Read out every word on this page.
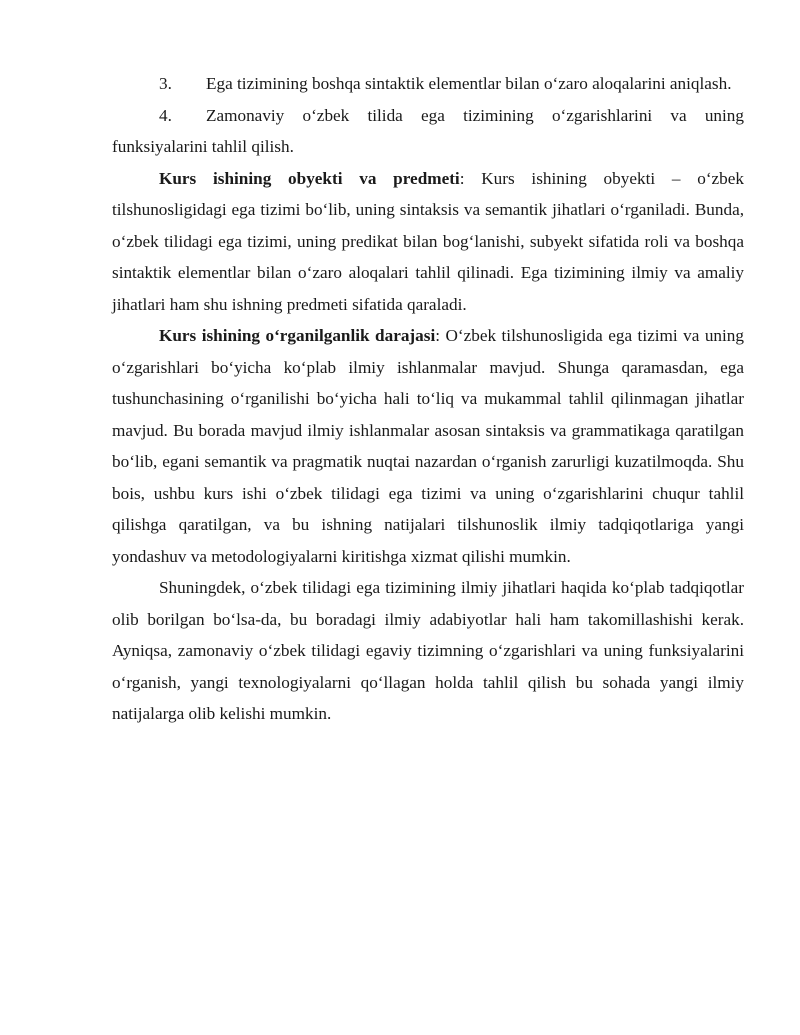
3. Ega tizimining boshqa sintaktik elementlar bilan o‘zaro aloqalarini aniqlash.

4. Zamonaviy o‘zbek tilida ega tizimining o‘zgarishlarini va uning funksiyalarini tahlil qilish.

Kurs ishining obyekti va predmeti: Kurs ishining obyekti – o‘zbek tilshunosligidagi ega tizimi bo‘lib, uning sintaksis va semantik jihatlari o‘rganiladi. Bunda, o‘zbek tilidagi ega tizimi, uning predikat bilan bog‘lanishi, subyekt sifatida roli va boshqa sintaktik elementlar bilan o‘zaro aloqalari tahlil qilinadi. Ega tizimining ilmiy va amaliy jihatlari ham shu ishning predmeti sifatida qaraladi.

Kurs ishining o‘rganilganlik darajasi: O‘zbek tilshunosligida ega tizimi va uning o‘zgarishlari bo‘yicha ko‘plab ilmiy ishlanmalar mavjud. Shunga qaramasdan, ega tushunchasining o‘rganilishi bo‘yicha hali to‘liq va mukammal tahlil qilinmagan jihatlar mavjud. Bu borada mavjud ilmiy ishlanmalar asosan sintaksis va grammatikaga qaratilgan bo‘lib, egani semantik va pragmatik nuqtai nazardan o‘rganish zarurligi kuzatilmoqda. Shu bois, ushbu kurs ishi o‘zbek tilidagi ega tizimi va uning o‘zgarishlarini chuqur tahlil qilishga qaratilgan, va bu ishning natijalari tilshunoslik ilmiy tadqiqotlariga yangi yondashuv va metodologiyalarni kiritishga xizmat qilishi mumkin.

Shuningdek, o‘zbek tilidagi ega tizimining ilmiy jihatlari haqida ko‘plab tadqiqotlar olib borilgan bo‘lsa-da, bu boradagi ilmiy adabiyotlar hali ham takomillashishi kerak. Ayniqsa, zamonaviy o‘zbek tilidagi egaviy tizimning o‘zgarishlari va uning funksiyalarini o‘rganish, yangi texnologiyalarni qo‘llagan holda tahlil qilish bu sohada yangi ilmiy natijalarga olib kelishi mumkin.
